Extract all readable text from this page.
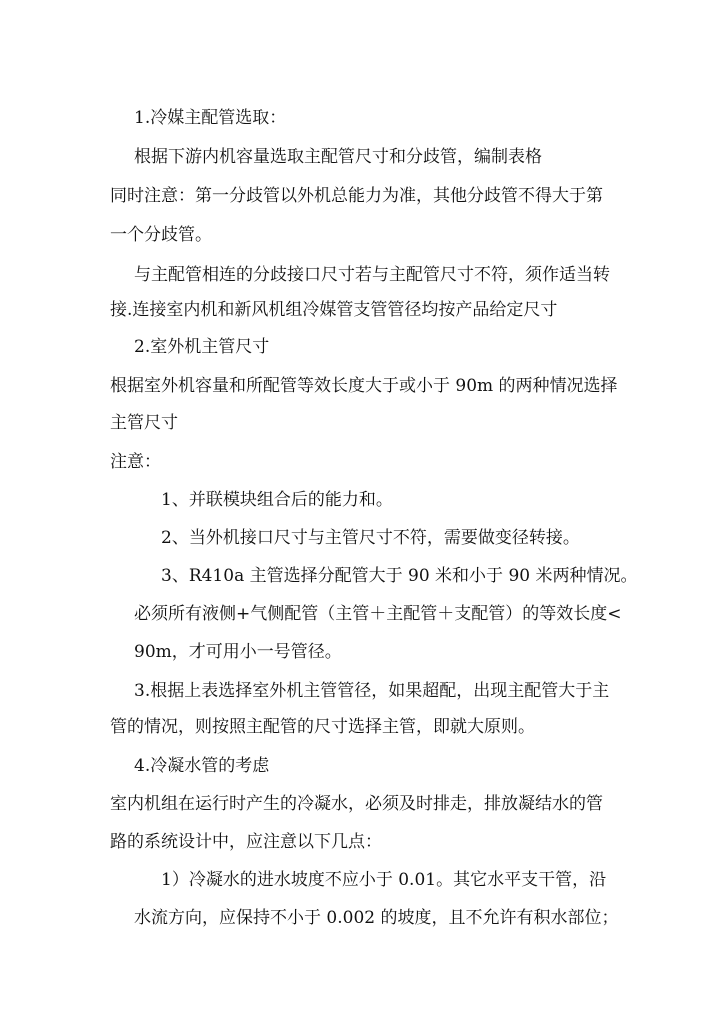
1.冷媒主配管选取：

根据下游内机容量选取主配管尺寸和分歧管，编制表格

同时注意：第一分歧管以外机总能力为准，其他分歧管不得大于第

一个分歧管。

与主配管相连的分歧接口尺寸若与主配管尺寸不符，须作适当转

接.连接室内机和新风机组冷媒管支管管径均按产品给定尺寸

2.室外机主管尺寸

根据室外机容量和所配管等效长度大于或小于 90m 的两种情况选择

主管尺寸

注意：

1、并联模块组合后的能力和。

2、当外机接口尺寸与主管尺寸不符，需要做变径转接。

3、R410a 主管选择分配管大于 90 米和小于 90 米两种情况。

必须所有液侧+气侧配管（主管＋主配管＋支配管）的等效长度<

90m，才可用小一号管径。

3.根据上表选择室外机主管管径，如果超配，出现主配管大于主

管的情况，则按照主配管的尺寸选择主管，即就大原则。

4.冷凝水管的考虑

室内机组在运行时产生的冷凝水，必须及时排走，排放凝结水的管

路的系统设计中，应注意以下几点：

1）冷凝水的进水坡度不应小于 0.01。其它水平支干管，沿

水流方向，应保持不小于 0.002 的坡度，且不允许有积水部位；
